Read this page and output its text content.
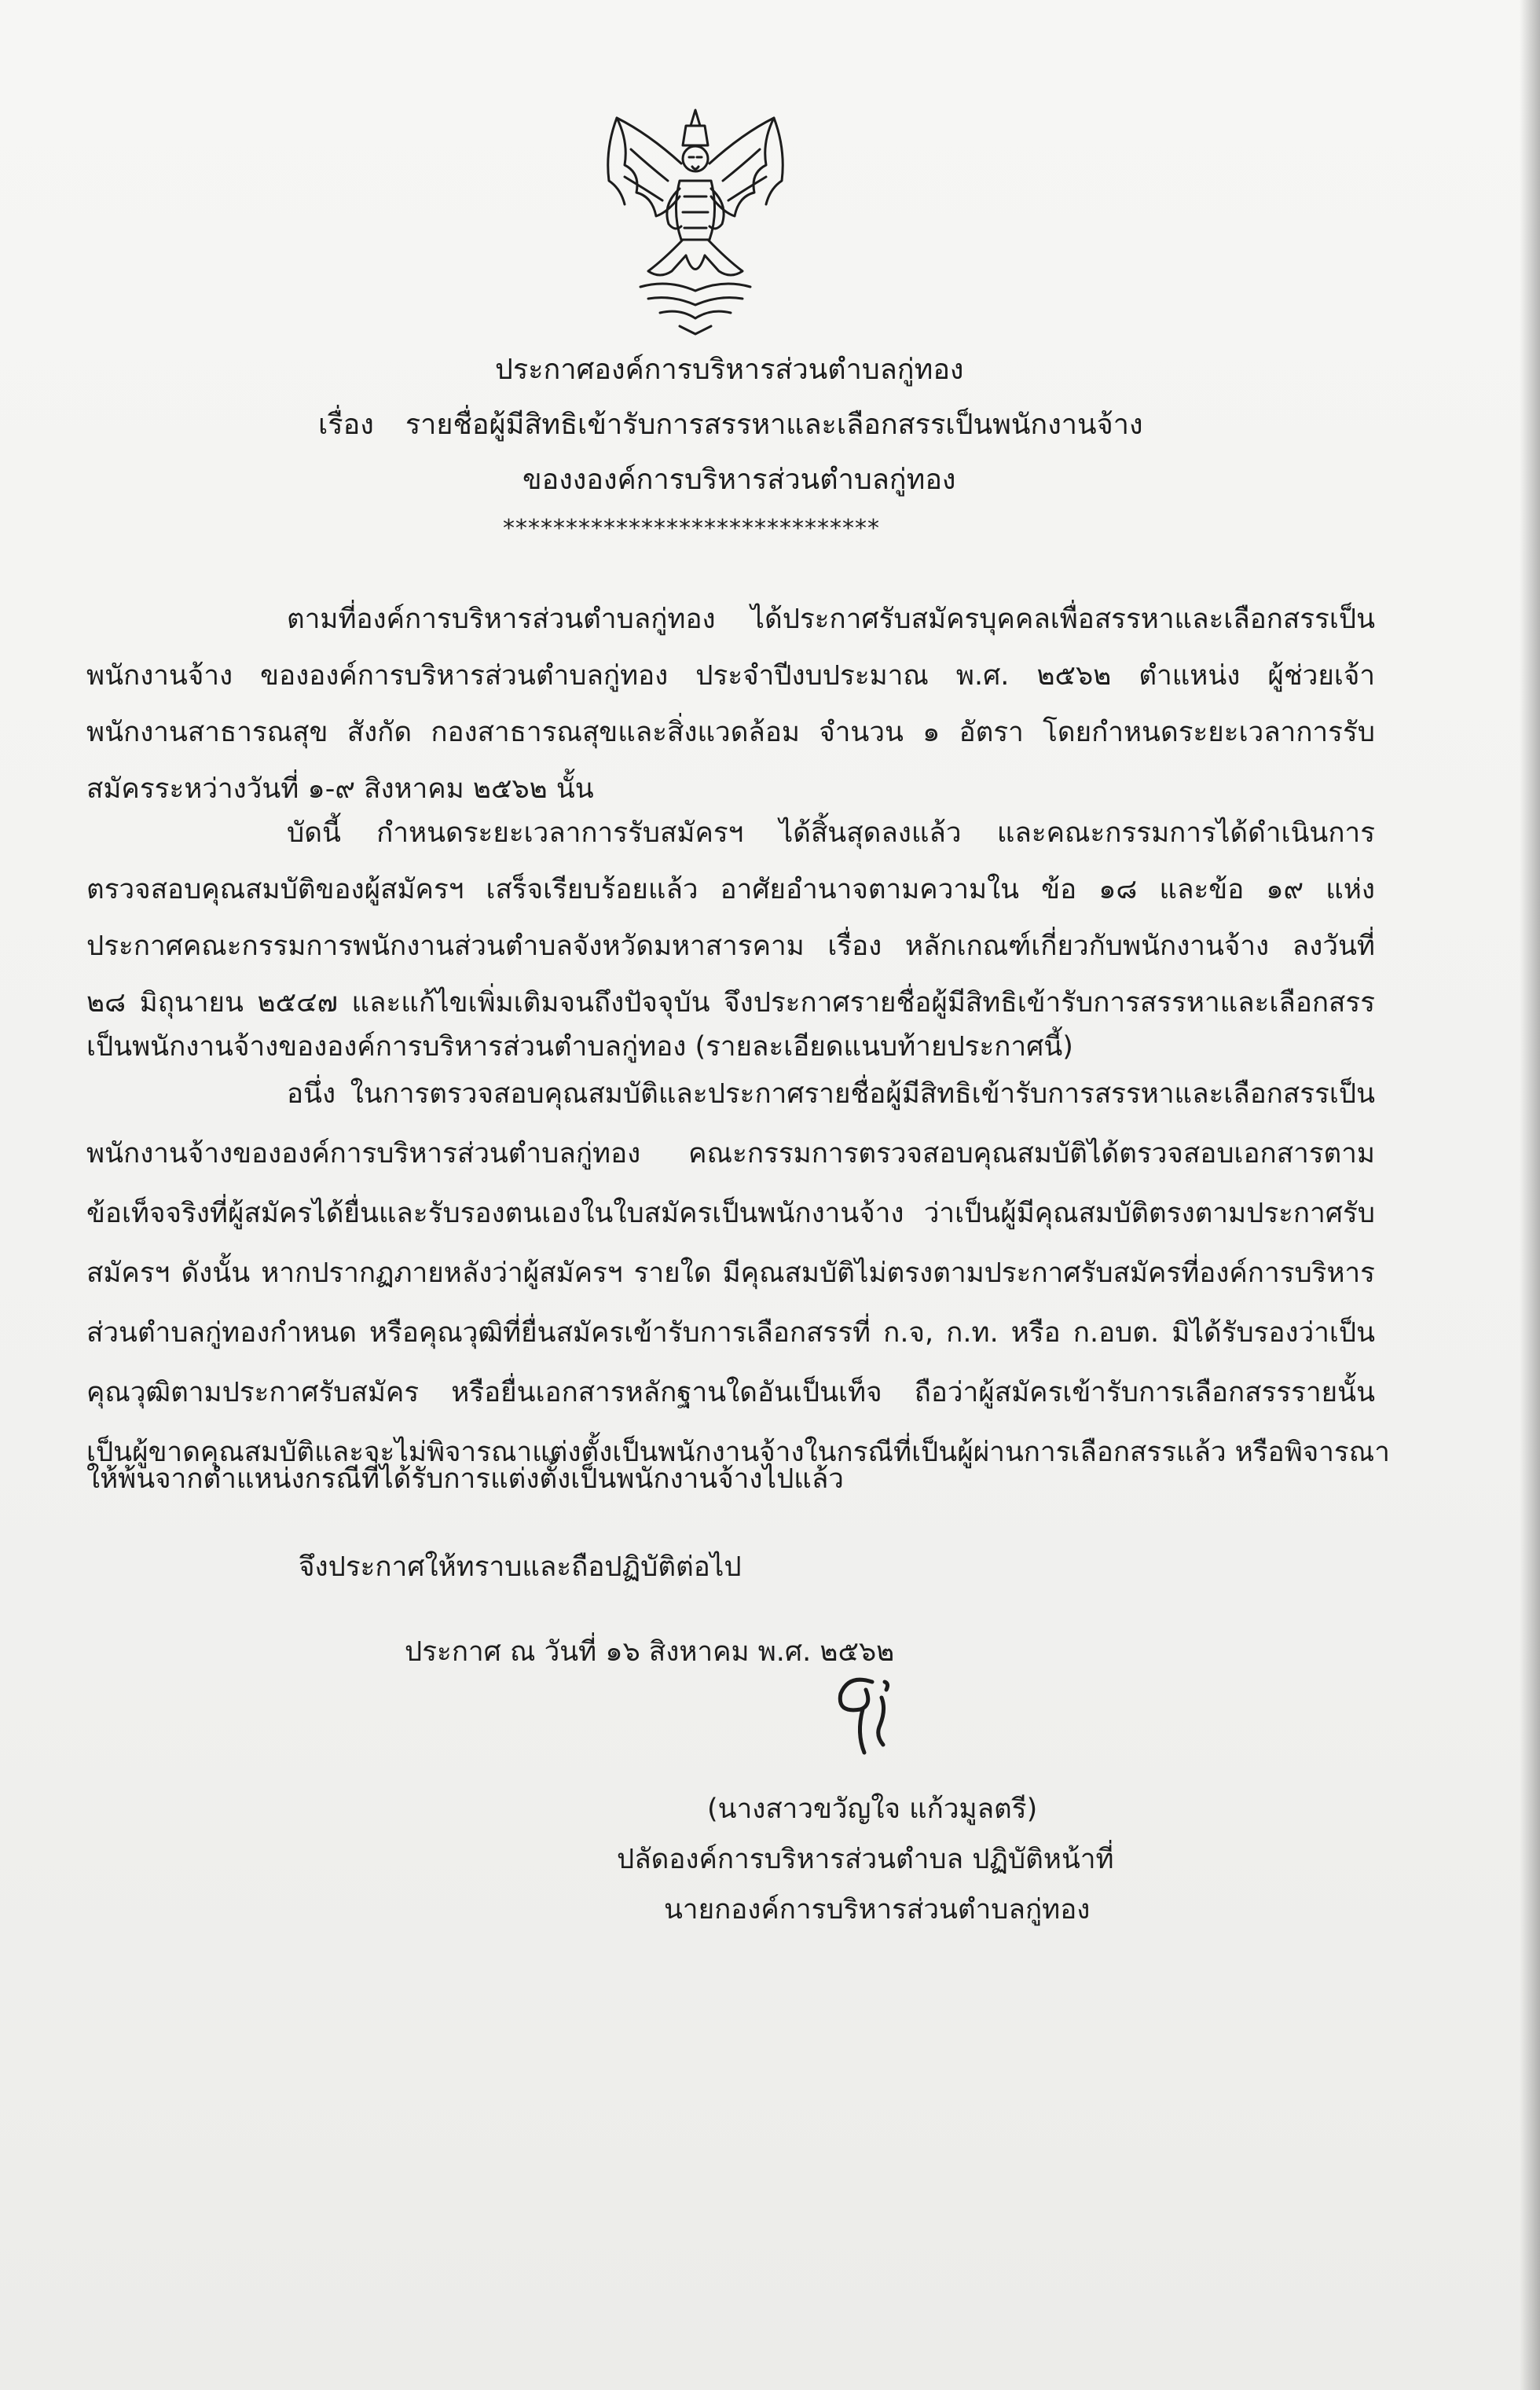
ประกาศองค์การบริหารส่วนตำบลกู่ทอง
เรื่อง รายชื่อผู้มีสิทธิเข้ารับการสรรหาและเลือกสรรเป็นพนักงานจ้าง
ของงองค์การบริหารส่วนตำบลกู่ทอง
******************************
ตามที่องค์การบริหารส่วนตำบลกู่ทอง ได้ประกาศรับสมัครบุคคลเพื่อสรรหาและเลือกสรรเป็น
พนักงานจ้าง ขององค์การบริหารส่วนตำบลกู่ทอง ประจำปีงบประมาณ พ.ศ. ๒๕๖๒ ตำแหน่ง ผู้ช่วยเจ้า
พนักงานสาธารณสุข สังกัด กองสาธารณสุขและสิ่งแวดล้อม จำนวน ๑ อัตรา โดยกำหนดระยะเวลาการรับ
สมัครระหว่างวันที่ ๑-๙ สิงหาคม ๒๕๖๒ นั้น
บัดนี้ กำหนดระยะเวลาการรับสมัครฯ ได้สิ้นสุดลงแล้ว และคณะกรรมการได้ดำเนินการ
ตรวจสอบคุณสมบัติของผู้สมัครฯ เสร็จเรียบร้อยแล้ว อาศัยอำนาจตามความใน ข้อ ๑๘ และข้อ ๑๙ แห่ง
ประกาศคณะกรรมการพนักงานส่วนตำบลจังหวัดมหาสารคาม เรื่อง หลักเกณฑ์เกี่ยวกับพนักงานจ้าง ลงวันที่
๒๘ มิถุนายน ๒๕๔๗ และแก้ไขเพิ่มเติมจนถึงปัจจุบัน จึงประกาศรายชื่อผู้มีสิทธิเข้ารับการสรรหาและเลือกสรร
เป็นพนักงานจ้างขององค์การบริหารส่วนตำบลกู่ทอง (รายละเอียดแนบท้ายประกาศนี้)
อนึ่ง ในการตรวจสอบคุณสมบัติและประกาศรายชื่อผู้มีสิทธิเข้ารับการสรรหาและเลือกสรรเป็น
พนักงานจ้างขององค์การบริหารส่วนตำบลกู่ทอง คณะกรรมการตรวจสอบคุณสมบัติได้ตรวจสอบเอกสารตาม
ข้อเท็จจริงที่ผู้สมัครได้ยื่นและรับรองตนเองในใบสมัครเป็นพนักงานจ้าง ว่าเป็นผู้มีคุณสมบัติตรงตามประกาศรับ
สมัครฯ ดังนั้น หากปรากฏภายหลังว่าผู้สมัครฯ รายใด มีคุณสมบัติไม่ตรงตามประกาศรับสมัครที่องค์การบริหาร
ส่วนตำบลกู่ทองกำหนด หรือคุณวุฒิที่ยื่นสมัครเข้ารับการเลือกสรรที่ ก.จ, ก.ท. หรือ ก.อบต. มิได้รับรองว่าเป็น
คุณวุฒิตามประกาศรับสมัคร หรือยื่นเอกสารหลักฐานใดอันเป็นเท็จ ถือว่าผู้สมัครเข้ารับการเลือกสรรรายนั้น
เป็นผู้ขาดคุณสมบัติและจะไม่พิจารณาแต่งตั้งเป็นพนักงานจ้างในกรณีที่เป็นผู้ผ่านการเลือกสรรแล้ว หรือพิจารณา
ให้พ้นจากตำแหน่งกรณีที่ได้รับการแต่งตั้งเป็นพนักงานจ้างไปแล้ว
จึงประกาศให้ทราบและถือปฏิบัติต่อไป
ประกาศ ณ วันที่ ๑๖ สิงหาคม พ.ศ. ๒๕๖๒
(นางสาวขวัญใจ แก้วมูลตรี)
ปลัดองค์การบริหารส่วนตำบล ปฏิบัติหน้าที่
นายกองค์การบริหารส่วนตำบลกู่ทอง
